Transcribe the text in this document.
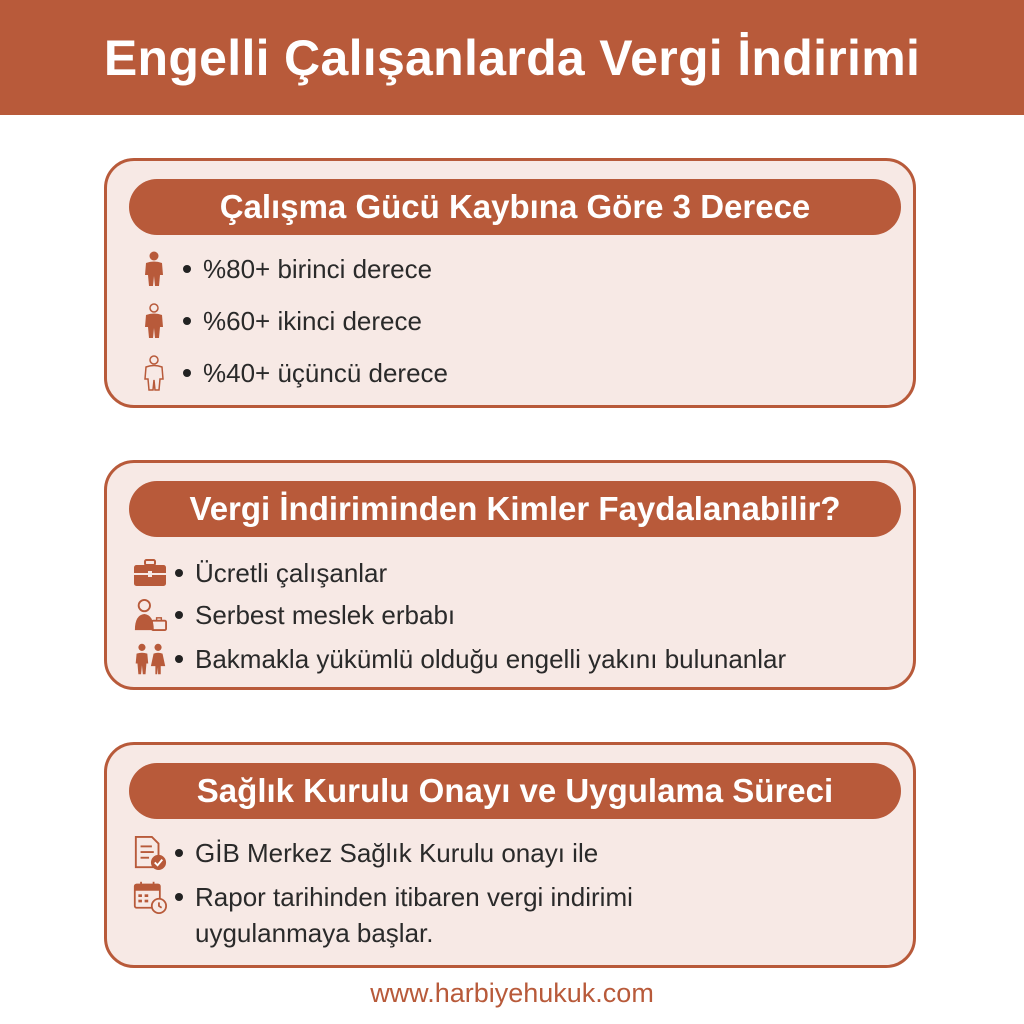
Engelli Çalışanlarda Vergi İndirimi
Çalışma Gücü Kaybına Göre 3 Derece
%80+ birinci derece
%60+ ikinci derece
%40+ üçüncü derece
Vergi İndiriminden Kimler Faydalanabilir?
Ücretli çalışanlar
Serbest meslek erbabı
Bakmakla yükümlü olduğu engelli yakını bulunanlar
Sağlık Kurulu Onayı ve Uygulama Süreci
GİB Merkez Sağlık Kurulu onayı ile
Rapor tarihinden itibaren vergi indirimi
uygulanmaya başlar.
www.harbiyehukuk.com
